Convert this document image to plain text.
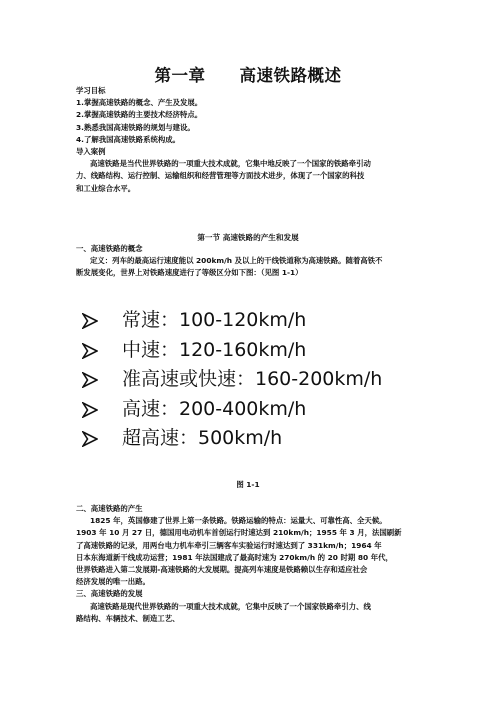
第一章 高速铁路概述
学习目标
1.掌握高速铁路的概念、产生及发展。
2.掌握高速铁路的主要技术经济特点。
3.熟悉我国高速铁路的规划与建设。
4.了解我国高速铁路系统构成。
导入案例
高速铁路是当代世界铁路的一项重大技术成就，它集中地反映了一个国家的铁路牵引动
力、线路结构、运行控制、运输组织和经营管理等方面技术进步，体现了一个国家的科技
和工业综合水平。
第一节 高速铁路的产生和发展
一、高速铁路的概念
定义：列车的最高运行速度能以 200km/h 及以上的干线铁道称为高速铁路。随着高铁不
断发展变化，世界上对铁路速度进行了等级区分如下图：（见图 1-1）
常速：100-120km/h
中速：120-160km/h
准高速或快速：160-200km/h
高速：200-400km/h
超高速：500km/h
图 1-1
二、高速铁路的产生
1825 年，英国修建了世界上第一条铁路。铁路运输的特点：运量大、可靠性高、全天候。
1903 年 10 月 27 日，德国用电动机车首创运行时速达到 210km/h；1955 年 3 月，法国刷新
了高速铁路的记录，用两台电力机车牵引三辆客车实验运行时速达到了 331km/h；1964 年
日本东海道新干线成功运营；1981 年法国建成了最高时速为 270km/h 的 20 时期 80 年代，
世界铁路进入第二发展期-高速铁路的大发展期。提高列车速度是铁路赖以生存和适应社会
经济发展的唯一出路。
三、高速铁路的发展
高速铁路是现代世界铁路的一项重大技术成就，它集中反映了一个国家铁路牵引力、线
路结构、车辆技术、制造工艺、
